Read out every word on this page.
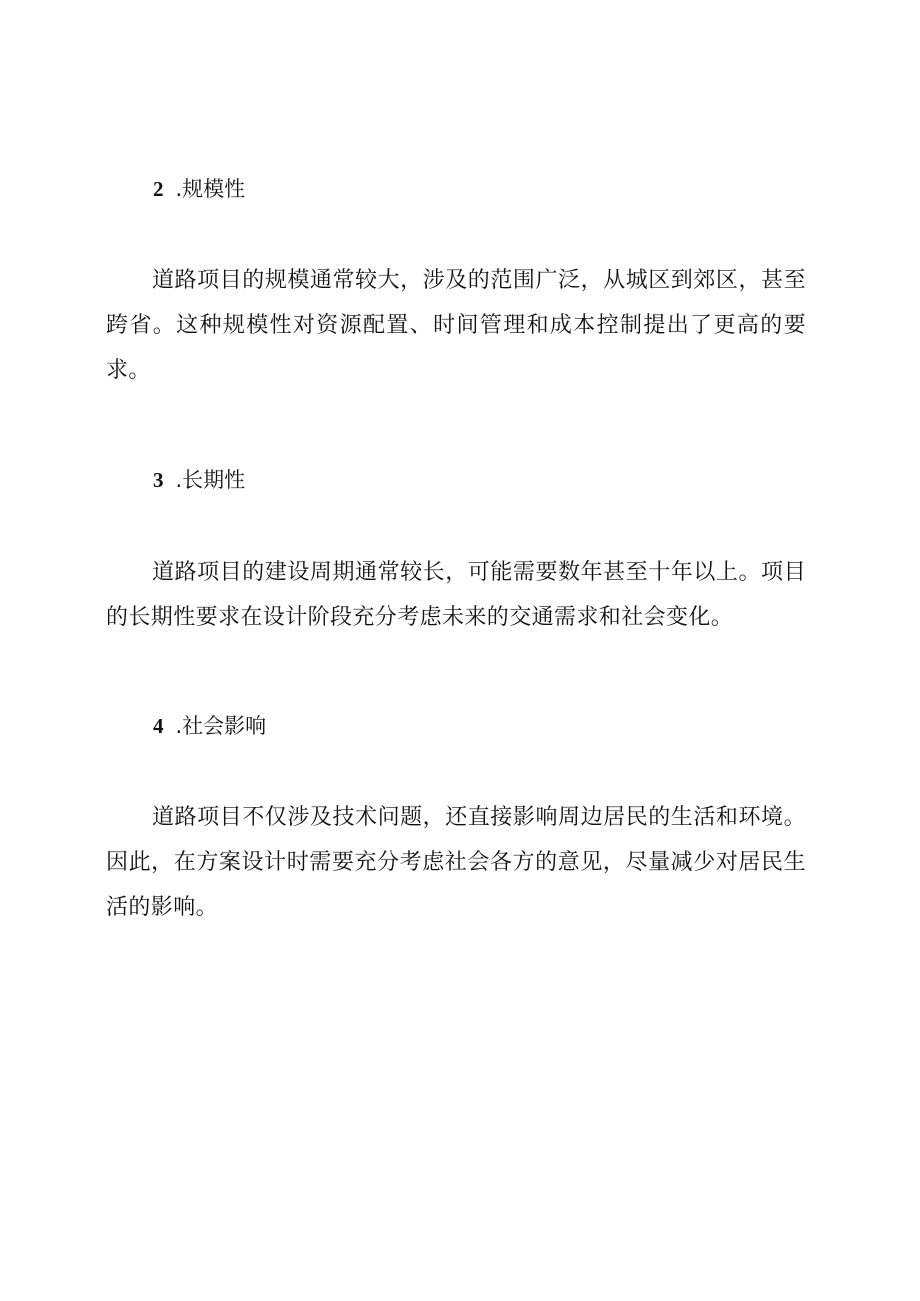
2 .规模性

道路项目的规模通常较大，涉及的范围广泛，从城区到郊区，甚至跨省。这种规模性对资源配置、时间管理和成本控制提出了更高的要求。

3 .长期性

道路项目的建设周期通常较长，可能需要数年甚至十年以上。项目的长期性要求在设计阶段充分考虑未来的交通需求和社会变化。

4 .社会影响

道路项目不仅涉及技术问题，还直接影响周边居民的生活和环境。因此，在方案设计时需要充分考虑社会各方的意见，尽量减少对居民生活的影响。
